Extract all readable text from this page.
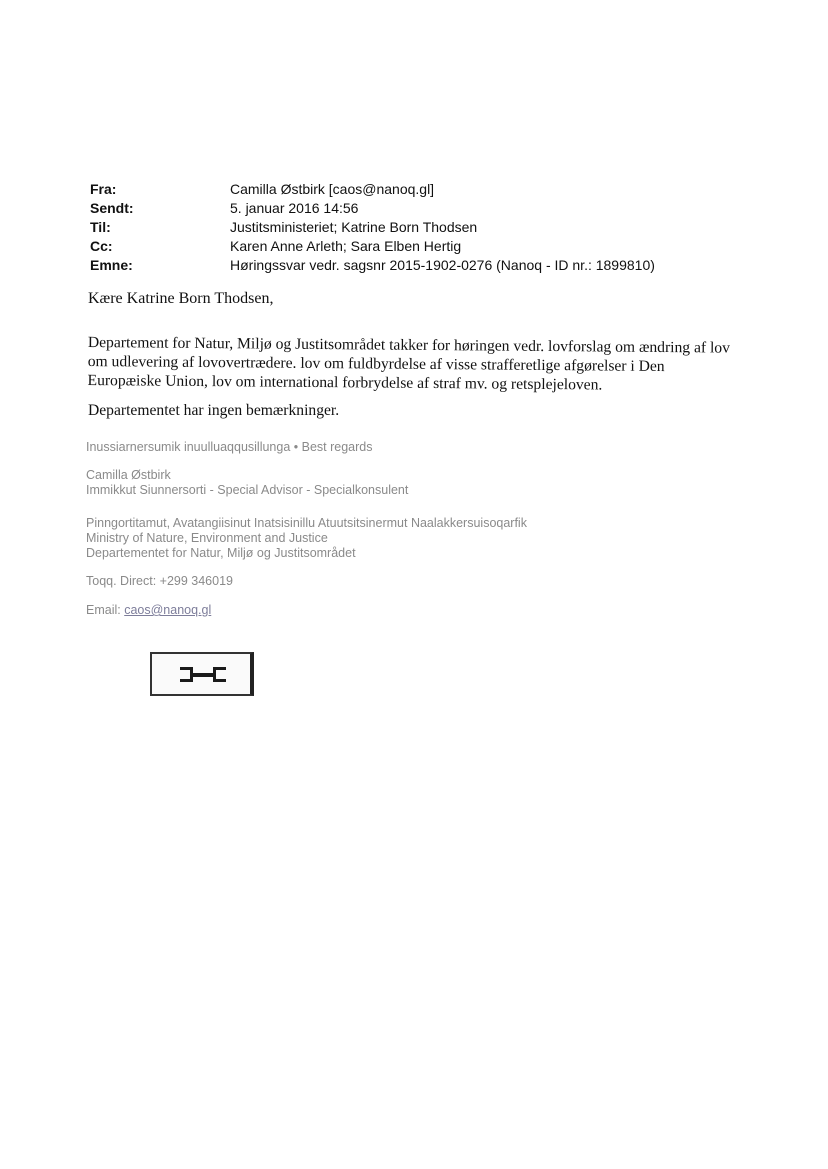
Fra:	Camilla Østbirk [caos@nanoq.gl]
Sendt:	5. januar 2016 14:56
Til:	Justitsministeriet; Katrine Born Thodsen
Cc:	Karen Anne Arleth; Sara Elben Hertig
Emne:	Høringssvar vedr. sagsnr 2015-1902-0276 (Nanoq - ID nr.: 1899810)
Kære Katrine Born Thodsen,
Departement for Natur, Miljø og Justitsområdet takker for høringen vedr. lovforslag om ændring af lov
om udlevering af lovovertrædere. lov om fuldbyrdelse af visse strafferetlige afgørelser i Den
Europæiske Union, lov om international forbrydelse af straf mv. og retsplejeloven.
Departementet har ingen bemærkninger.
Inussiarnersumik inuulluaqqusillunga • Best regards
Camilla Østbirk
Immikkut Siunnersorti - Special Advisor - Specialkonsulent
Pinngortitamut, Avatangiisinut Inatsisinillu Atuutsitsinermut Naalakkersuisoqarfik
Ministry of Nature, Environment and Justice
Departementet for Natur, Miljø og Justitsområdet
Toqq. Direct: +299 346019
Email: caos@nanoq.gl
